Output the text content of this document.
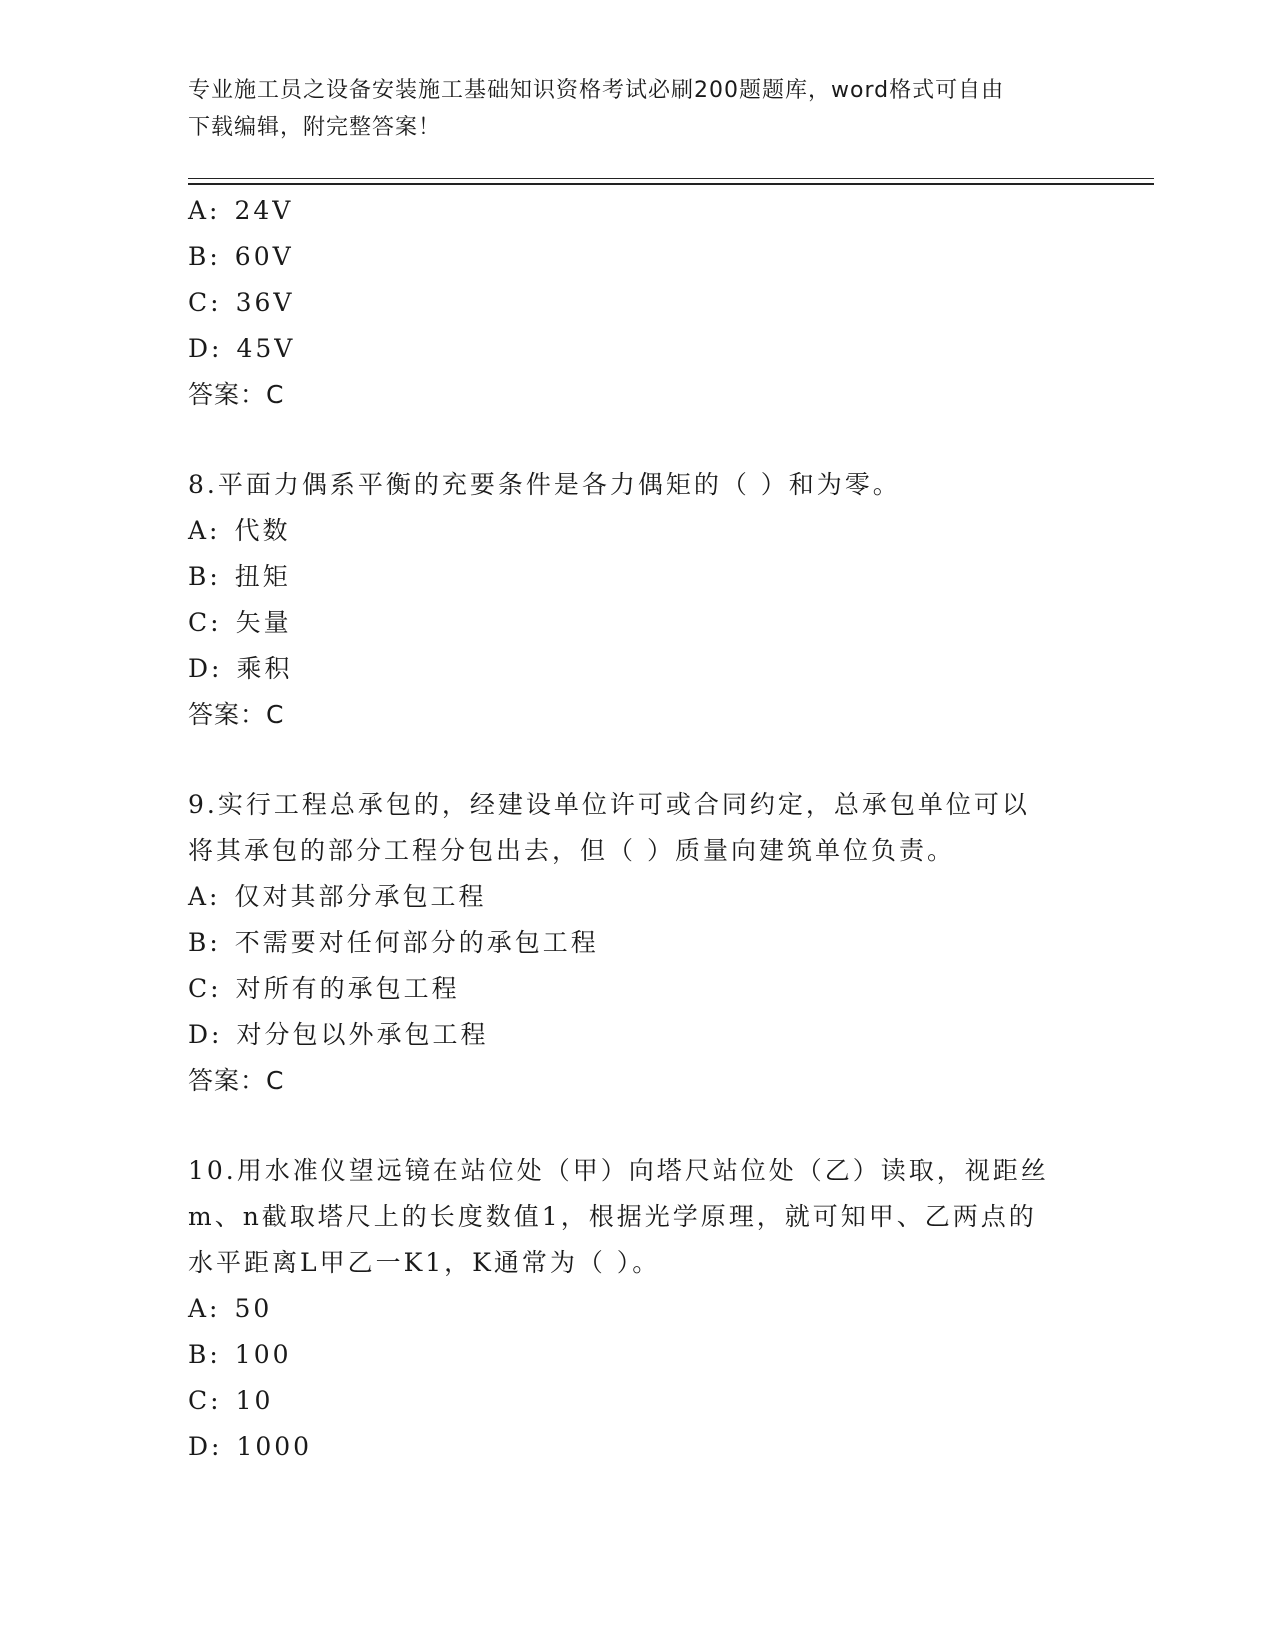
专业施工员之设备安装施工基础知识资格考试必刷200题题库，word格式可自由
下载编辑，附完整答案！
A: 24V
B: 60V
C: 36V
D: 45V
答案：C
8.平面力偶系平衡的充要条件是各力偶矩的（ ）和为零。
A: 代数
B: 扭矩
C: 矢量
D: 乘积
答案：C
9.实行工程总承包的，经建设单位许可或合同约定，总承包单位可以
将其承包的部分工程分包出去，但（ ）质量向建筑单位负责。
A: 仅对其部分承包工程
B: 不需要对任何部分的承包工程
C: 对所有的承包工程
D: 对分包以外承包工程
答案：C
10.用水准仪望远镜在站位处（甲）向塔尺站位处（乙）读取，视距丝
m、n截取塔尺上的长度数值1，根据光学原理，就可知甲、乙两点的
水平距离L甲乙一K1，K通常为（ ）。
A: 50
B: 100
C: 10
D: 1000
